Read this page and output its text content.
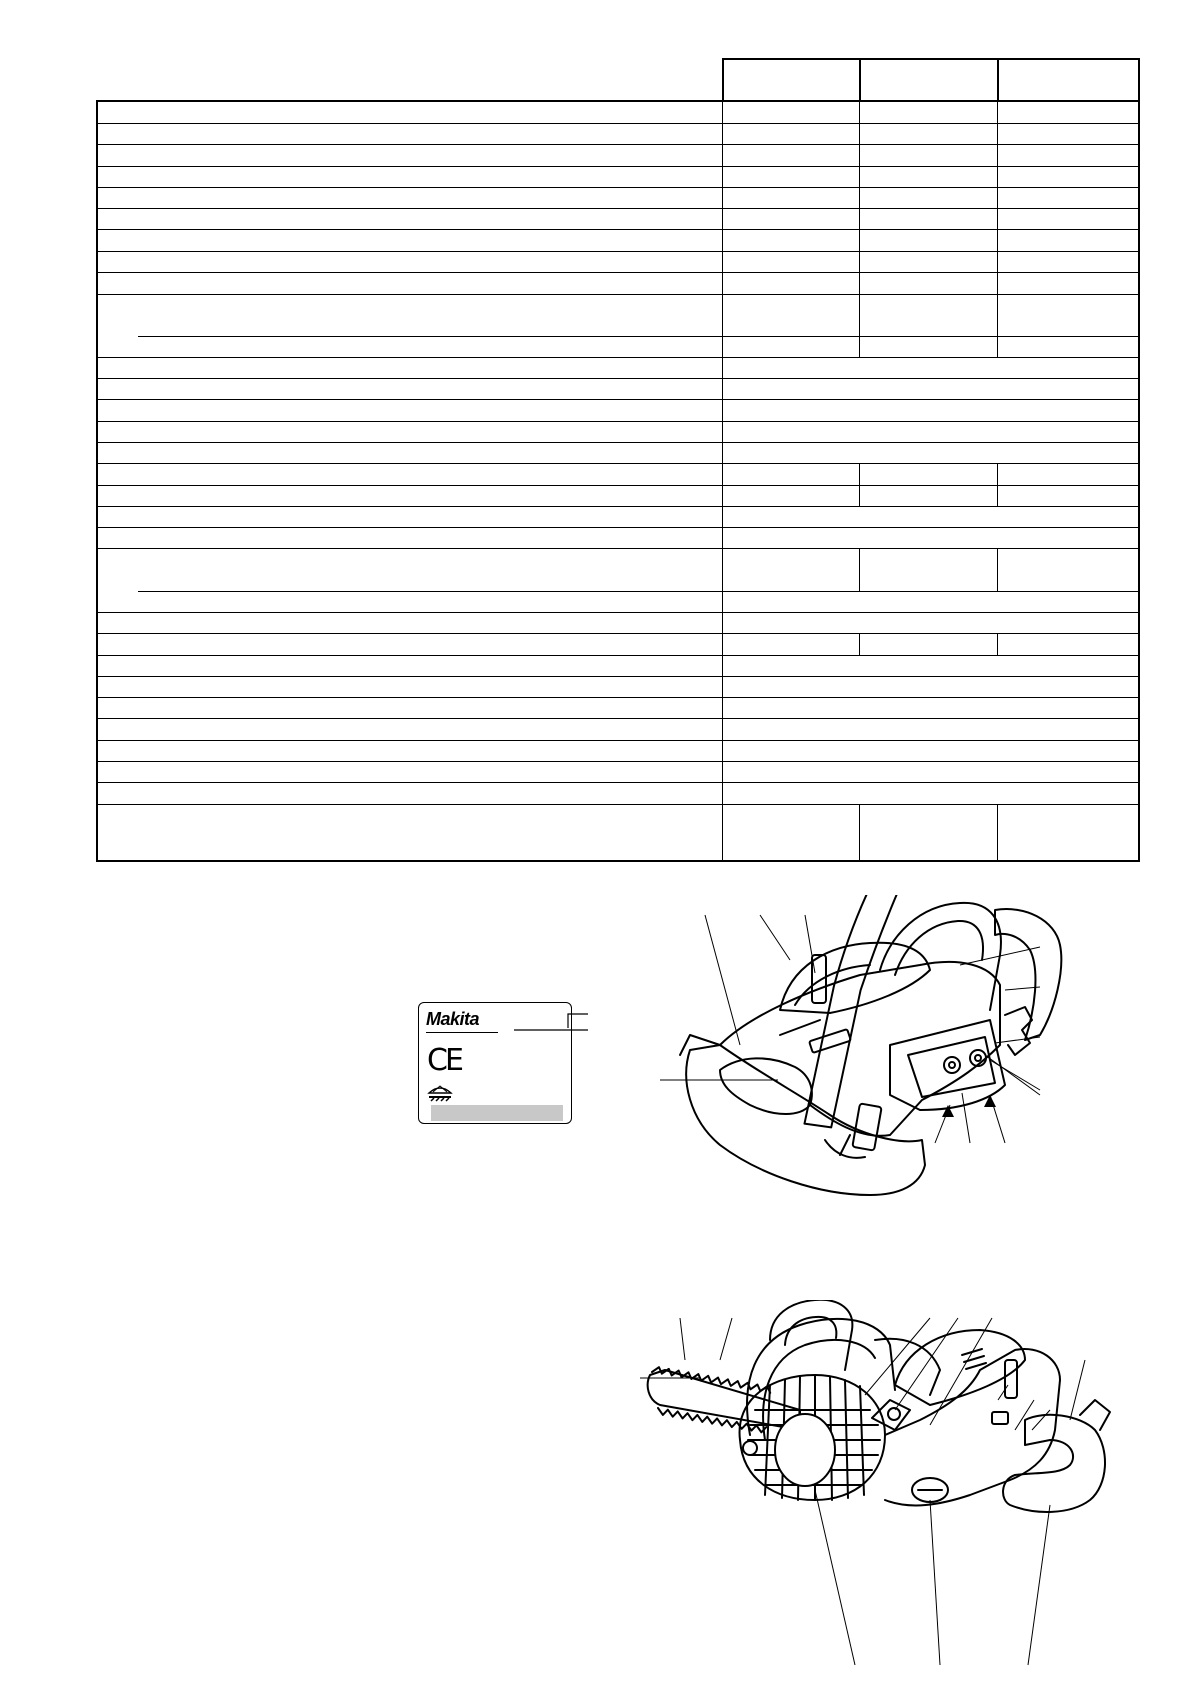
Makita
CE
